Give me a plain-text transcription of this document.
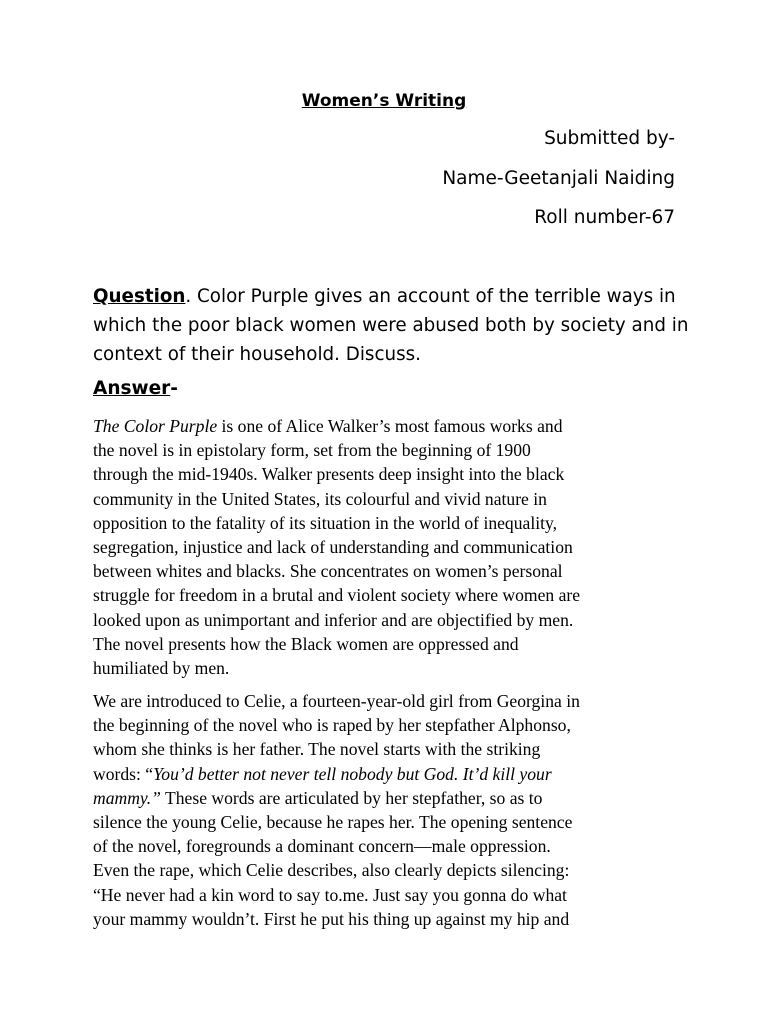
Women’s Writing
Submitted by-
Name-Geetanjali Naiding
Roll number-67
Question. Color Purple gives an account of the terrible ways in which the poor black women were abused both by society and in context of their household. Discuss.
Answer-
The Color Purple is one of Alice Walker’s most famous works and
the novel is in epistolary form, set from the beginning of 1900
through the mid-1940s. Walker presents deep insight into the black
community in the United States, its colourful and vivid nature in
opposition to the fatality of its situation in the world of inequality,
segregation, injustice and lack of understanding and communication
between whites and blacks. She concentrates on women’s personal
struggle for freedom in a brutal and violent society where women are
looked upon as unimportant and inferior and are objectified by men.
The novel presents how the Black women are oppressed and
humiliated by men.
We are introduced to Celie, a fourteen-year-old girl from Georgina in
the beginning of the novel who is raped by her stepfather Alphonso,
whom she thinks is her father. The novel starts with the striking
words: “You’d better not never tell nobody but God. It’d kill your
mammy.” These words are articulated by her stepfather, so as to
silence the young Celie, because he rapes her. The opening sentence
of the novel, foregrounds a dominant concern—male oppression.
Even the rape, which Celie describes, also clearly depicts silencing:
“He never had a kin word to say to.me. Just say you gonna do what
your mammy wouldn’t. First he put his thing up against my hip and
